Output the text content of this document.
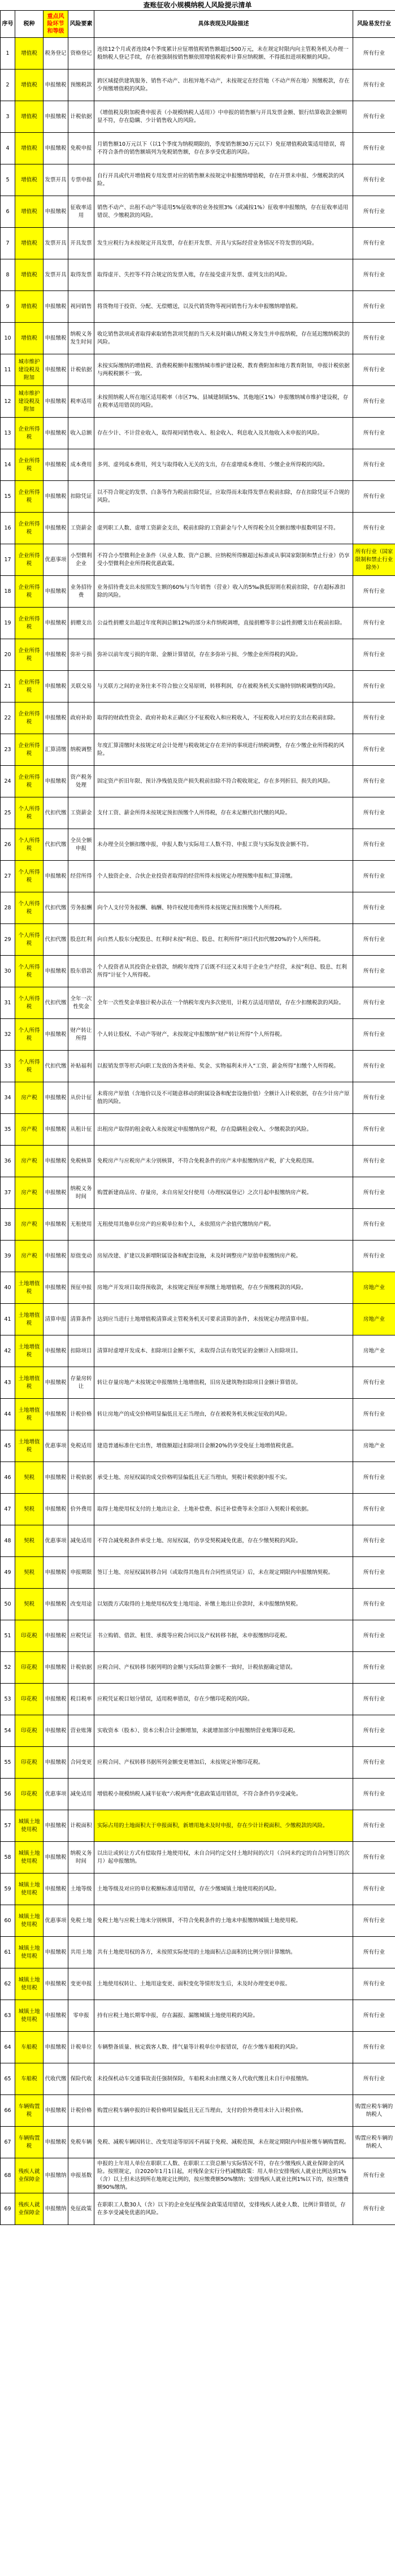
查账征收小规模纳税人风险提示清单
序号	税种	重点风险环节和等级	风险要素	具体表现及风险描述	风险易发行业
1	增值税	税务登记	资格登记	连续12个月或者连续4个季度累计应征增值税销售额超过500万元，未在规定时限内向主管税务机关办理一般纳税人登记手续，存在被强制按销售额依照增值税税率计算应纳税额、不得抵扣进项税额的风险。	所有行业
2	增值税	申报缴税	预缴税款	跨区域提供建筑服务、销售不动产、出租异地不动产，未按规定在经营地（不动产所在地）预缴税款，存在少预缴增值税的风险。	所有行业
3	增值税	申报缴税	计税依据	《增值税及附加税费申报表（小规模纳税人适用）》中申报的销售额与开具发票金额、银行结算收款金额明显不符，存在隐瞒、少计销售收入的风险。	所有行业
4	增值税	申报缴税	免税申报	月销售额10万元以下（以1个季度为纳税期限的，季度销售额30万元以下）免征增值税政策适用错误，将不符合条件的销售额填列为免税销售额，存在多享受优惠的风险。	所有行业
5	增值税	发票开具	专票申报	自行开具或代开增值税专用发票对应的销售额未按规定申报缴纳增值税，存在开票未申报、少缴税款的风险。	所有行业
6	增值税	申报缴税	征收率适用	销售不动产、出租不动产等适用5%征收率的业务按照3%（或减按1%）征收率申报缴纳，存在征收率适用错误、少缴税款的风险。	所有行业
7	增值税	发票开具	开具发票	发生应税行为未按规定开具发票，存在拒开发票、开具与实际经营业务情况不符发票的风险。	所有行业
8	增值税	发票开具	取得发票	取得虚开、失控等不符合规定的发票入账，存在接受虚开发票、虚列支出的风险。	所有行业
9	增值税	申报缴税	视同销售	将货物用于投资、分配、无偿赠送，以及代销货物等视同销售行为未申报缴纳增值税。	所有行业
10	增值税	申报缴税	纳税义务发生时间	收讫销售款项或者取得索取销售款项凭据的当天未及时确认纳税义务发生并申报纳税，存在延迟缴纳税款的风险。	所有行业
11	城市维护建设税及附加	申报缴税	计税依据	未按实际缴纳的增值税、消费税税额申报缴纳城市维护建设税、教育费附加和地方教育附加，申报计税依据与两税税额不一致。	所有行业
12	城市维护建设税及附加	申报缴税	税率适用	未按照纳税人所在地区适用税率（市区7%、县城建制镇5%、其他地区1%）申报缴纳城市维护建设税，存在税率适用错误的风险。	所有行业
13	企业所得税	申报缴税	收入总额	存在少计、不计营业收入，取得视同销售收入、租金收入、利息收入及其他收入未申报的风险。	所有行业
14	企业所得税	申报缴税	成本费用	多列、虚列成本费用，列支与取得收入无关的支出，存在虚增成本费用、少缴企业所得税的风险。	所有行业
15	企业所得税	申报缴税	扣除凭证	以不符合规定的发票、白条等作为税前扣除凭证，应取得而未取得发票在税前扣除，存在扣除凭证不合规的风险。	所有行业
16	企业所得税	申报缴税	工资薪金	虚列职工人数、虚增工资薪金支出，税前扣除的工资薪金与个人所得税全员全额扣缴申报数明显不符。	所有行业
17	企业所得税	优惠事项	小型微利企业	不符合小型微利企业条件（从业人数、资产总额、应纳税所得额超过标准或从事国家限制和禁止行业）仍享受小型微利企业所得税优惠政策。	所有行业（国家限制和禁止行业除外）
18	企业所得税	申报缴税	业务招待费	业务招待费支出未按照发生额的60%与当年销售（营业）收入的5‰孰低原则在税前扣除，存在超标准扣除的风险。	所有行业
19	企业所得税	申报缴税	捐赠支出	公益性捐赠支出超过年度利润总额12%的部分未作纳税调增，直接捐赠等非公益性捐赠支出在税前扣除。	所有行业
20	企业所得税	申报缴税	弥补亏损	弥补以前年度亏损的年限、金额计算错误，存在多弥补亏损、少缴企业所得税的风险。	所有行业
21	企业所得税	申报缴税	关联交易	与关联方之间的业务往来不符合独立交易原则，转移利润，存在被税务机关实施特别纳税调整的风险。	所有行业
22	企业所得税	申报缴税	政府补助	取得的财政性资金、政府补助未正确区分不征税收入和应税收入，不征税收入对应的支出在税前扣除。	所有行业
23	企业所得税	汇算清缴	纳税调整	年度汇算清缴时未按规定对会计处理与税收规定存在差异的事项进行纳税调整，存在少缴企业所得税的风险。	所有行业
24	企业所得税	申报缴税	资产税务处理	固定资产折旧年限、预计净残值及资产损失税前扣除不符合税收规定，存在多列折旧、损失的风险。	所有行业
25	个人所得税	代扣代缴	工资薪金	支付工资、薪金所得未按规定预扣预缴个人所得税，存在未足额代扣代缴的风险。	所有行业
26	个人所得税	代扣代缴	全员全额申报	未办理全员全额扣缴申报，申报人数与实际用工人数不符、申报工资与实际发放金额不符。	所有行业
27	个人所得税	申报缴税	经营所得	个人独资企业、合伙企业投资者取得的经营所得未按规定办理预缴申报和汇算清缴。	所有行业
28	个人所得税	代扣代缴	劳务报酬	向个人支付劳务报酬、稿酬、特许权使用费所得未按规定预扣预缴个人所得税。	所有行业
29	个人所得税	代扣代缴	股息红利	向自然人股东分配股息、红利时未按“利息、股息、红利所得”项目代扣代缴20%的个人所得税。	所有行业
30	个人所得税	申报缴税	股东借款	个人投资者从其投资企业借款，纳税年度终了后既不归还又未用于企业生产经营，未按“利息、股息、红利所得”计征个人所得税。	所有行业
31	个人所得税	代扣代缴	全年一次性奖金	全年一次性奖金单独计税办法在一个纳税年度内多次使用，计税方法适用错误，存在少扣缴税款的风险。	所有行业
32	个人所得税	申报缴税	财产转让所得	个人转让股权、不动产等财产，未按规定申报缴纳“财产转让所得”个人所得税。	所有行业
33	个人所得税	代扣代缴	补贴福利	以报销发票等形式向职工发放的各类补贴、奖金、实物福利未并入“工资、薪金所得”扣缴个人所得税。	所有行业
34	房产税	申报缴税	从价计征	未将房产原值（含地价以及不可随意移动的附属设备和配套设施价值）全额计入计税依据，存在少计房产原值的风险。	所有行业
35	房产税	申报缴税	从租计征	出租房产取得的租金收入未按规定申报缴纳房产税，存在隐瞒租金收入、少缴税款的风险。	所有行业
36	房产税	申报缴税	免税核算	免税房产与应税房产未分别核算，不符合免税条件的房产未申报缴纳房产税，扩大免税范围。	所有行业
37	房产税	申报缴税	纳税义务时间	购置新建商品房、存量房，未自房屋交付使用（办理权属登记）之次月起申报缴纳房产税。	所有行业
38	房产税	申报缴税	无租使用	无租使用其他单位房产的应税单位和个人，未依照房产余值代缴纳房产税。	所有行业
39	房产税	申报缴税	原值变动	房屋改建、扩建以及新增附属设备和配套设施，未及时调整房产原值申报缴纳房产税。	所有行业
40	土地增值税	申报缴税	预征申报	房地产开发项目取得预收款，未按规定预征率预缴土地增值税，存在少预缴税款的风险。	房地产业
41	土地增值税	清算申报	清算条件	达到应当进行土地增值税清算或主管税务机关可要求清算的条件，未按规定办理清算申报。	房地产业
42	土地增值税	申报缴税	扣除项目	清算时虚增开发成本、扣除项目金额不实，未取得合法有效凭证的金额计入扣除项目。	房地产业
43	土地增值税	申报缴税	存量房转让	转让存量房地产未按规定申报缴纳土地增值税，旧房及建筑物扣除项目金额计算错误。	所有行业
44	土地增值税	申报缴税	计税价格	转让房地产的成交价格明显偏低且无正当理由，存在被税务机关核定征收的风险。	所有行业
45	土地增值税	优惠事项	免税适用	建造普通标准住宅出售，增值额超过扣除项目金额20%仍享受免征土地增值税优惠。	房地产业
46	契税	申报缴税	计税依据	承受土地、房屋权属的成交价格明显偏低且无正当理由，契税计税依据申报不实。	所有行业
47	契税	申报缴税	价外费用	取得土地使用权支付的土地出让金、土地补偿费、拆迁补偿费等未全部计入契税计税依据。	所有行业
48	契税	优惠事项	减免适用	不符合减免税条件承受土地、房屋权属，仍享受契税减免优惠，存在少缴契税的风险。	所有行业
49	契税	申报缴税	申报期限	签订土地、房屋权属转移合同（或取得其他具有合同性质凭证）后，未在规定期限内申报缴纳契税。	所有行业
50	契税	申报缴税	改变用途	以划拨方式取得的土地使用权改变土地用途、补缴土地出让价款时，未申报缴纳契税。	所有行业
51	印花税	申报缴税	应税凭证	书立购销、借款、租赁、承揽等应税合同以及产权转移书据，未申报缴纳印花税。	所有行业
52	印花税	申报缴税	计税依据	应税合同、产权转移书据列明的金额与实际结算金额不一致时，计税依据确定错误。	所有行业
53	印花税	申报缴税	税目税率	应税凭证税目划分错误，适用税率错误，存在少缴印花税的风险。	所有行业
54	印花税	申报缴税	营业账簿	实收资本（股本）、资本公积合计金额增加，未就增加部分申报缴纳营业账簿印花税。	所有行业
55	印花税	申报缴税	合同变更	应税合同、产权转移书据所列金额变更增加后，未按规定补缴印花税。	所有行业
56	印花税	优惠事项	减免适用	增值税小规模纳税人减半征收“六税两费”优惠政策适用错误，不符合条件仍享受减免。	所有行业
57	城镇土地使用税	申报缴税	计税面积	实际占用的土地面积大于申报面积，新增用地未及时申报，存在少计计税面积、少缴税款的风险。	所有行业
58	城镇土地使用税	申报缴税	纳税义务时间	以出让或转让方式有偿取得土地使用权，未自合同约定交付土地时间的次月（合同未约定的自合同签订的次月）起申报缴纳。	所有行业
59	城镇土地使用税	申报缴税	土地等级	土地等级及对应的单位税额标准适用错误，存在少缴城镇土地使用税的风险。	所有行业
60	城镇土地使用税	优惠事项	免税土地	免税土地与应税土地未分别核算，不符合免税条件的土地未申报缴纳城镇土地使用税。	所有行业
61	城镇土地使用税	申报缴税	共用土地	共有土地使用权的各方，未按照实际使用的土地面积占总面积的比例分别计算缴纳。	所有行业
62	城镇土地使用税	申报缴税	变更申报	土地使用权转让、土地用途变更、面积变化等情形发生后，未及时办理变更申报。	所有行业
63	城镇土地使用税	申报缴税	零申报	持有应税土地长期零申报，存在漏报、漏缴城镇土地使用税的风险。	所有行业
64	车船税	申报缴税	计税单位	车辆整备质量、核定载客人数、排气量等计税单位申报错误，存在少缴车船税的风险。	所有行业
65	车船税	代收代缴	保险代收	未投保机动车交通事故责任强制保险，车船税未由扣缴义务人代收代缴且未自行申报缴纳。	所有行业
66	车辆购置税	申报缴税	计税价格	购置应税车辆申报的计税价格明显偏低且无正当理由，支付的价外费用未计入计税价格。	购置应税车辆的纳税人
67	车辆购置税	申报缴税	免税车辆	免税、减税车辆因转让、改变用途等原因不再属于免税、减税范围，未在规定期限内申报补缴车辆购置税。	购置应税车辆的纳税人
68	残疾人就业保障金	申报缴纳	申报基数	申报的上年用人单位在职职工人数、在职职工工资总额与实际情况不符，存在少缴残疾人就业保障金的风险。按照规定，自2020年1月1日起，对残保金实行分档减缴政策：用人单位安排残疾人就业比例达到1%（含）以上但未达到所在地规定比例的，按应缴费额50%缴纳；安排残疾人就业比例1%以下的，按应缴费额90%缴纳。	所有行业
69	残疾人就业保障金	申报缴纳	免征政策	在职职工人数30人（含）以下的企业免征残保金政策适用错误，安排残疾人就业人数、比例计算错误，存在多享受减免优惠的风险。	所有行业
